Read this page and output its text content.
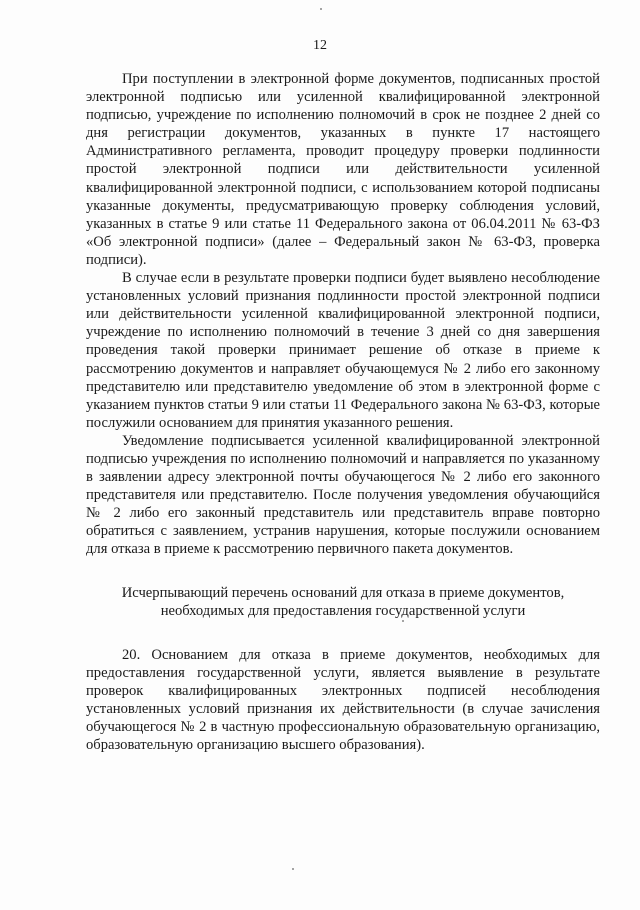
12

При поступлении в электронной форме документов, подписанных простой электронной подписью или усиленной квалифицированной электронной подписью, учреждение по исполнению полномочий в срок не позднее 2 дней со дня регистрации документов, указанных в пункте 17 настоящего Административного регламента, проводит процедуру проверки подлинности простой электронной подписи или действительности усиленной квалифицированной электронной подписи, с использованием которой подписаны указанные документы, предусматривающую проверку соблюдения условий, указанных в статье 9 или статье 11 Федерального закона от 06.04.2011 № 63-ФЗ «Об электронной подписи» (далее – Федеральный закон № 63-ФЗ, проверка подписи).

В случае если в результате проверки подписи будет выявлено несоблюдение установленных условий признания подлинности простой электронной подписи или действительности усиленной квалифицированной электронной подписи, учреждение по исполнению полномочий в течение 3 дней со дня завершения проведения такой проверки принимает решение об отказе в приеме к рассмотрению документов и направляет обучающемуся № 2 либо его законному представителю или представителю уведомление об этом в электронной форме с указанием пунктов статьи 9 или статьи 11 Федерального закона № 63-ФЗ, которые послужили основанием для принятия указанного решения.

Уведомление подписывается усиленной квалифицированной электронной подписью учреждения по исполнению полномочий и направляется по указанному в заявлении адресу электронной почты обучающегося № 2 либо его законного представителя или представителю. После получения уведомления обучающийся № 2 либо его законный представитель или представитель вправе повторно обратиться с заявлением, устранив нарушения, которые послужили основанием для отказа в приеме к рассмотрению первичного пакета документов.

Исчерпывающий перечень оснований для отказа в приеме документов,
необходимых для предоставления государственной услуги

20. Основанием для отказа в приеме документов, необходимых для предоставления государственной услуги, является выявление в результате проверок квалифицированных электронных подписей несоблюдения установленных условий признания их действительности (в случае зачисления обучающегося № 2 в частную профессиональную образовательную организацию, образовательную организацию высшего образования).
